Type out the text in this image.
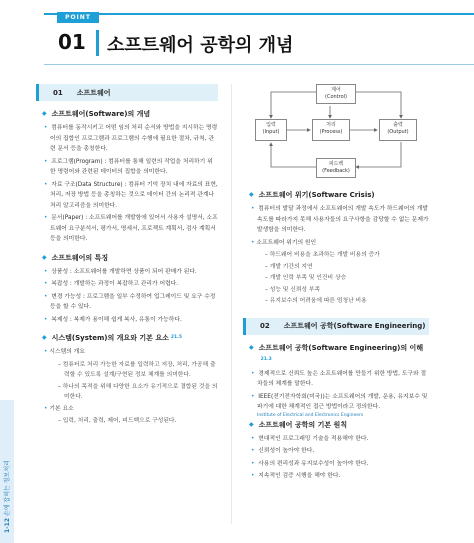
POINT
01 소프트웨어 공학의 개념
1-12 손에 잡히는 정보처리
01 소프트웨어
◆ 소프트웨어(Software)의 개념
• 컴퓨터를 동작시키고 어떤 임의 처리 순서와 방법을 지시하는 명령어의 집합인 프로그램과 프로그램의 수행에 필요한 절차, 규칙, 관련 문서 등을 총칭한다.
• 프로그램(Program) : 컴퓨터를 통해 일련의 작업을 처리하기 위한 명령어와 관련된 데이터의 집합을 의미한다.
• 자료 구조(Data Structure) : 컴퓨터 기억 장치 내에 자료의 표현, 처리, 저장 방법 등을 총칭하는 것으로 데이터 간의 논리적 관계나 처리 알고리즘을 의미한다.
• 문서(Paper) : 소프트웨어를 개발함에 있어서 사용자 설명서, 소프트웨어 요구분석서, 평가서, 명세서, 프로젝트 계획서, 검사 계획서 등을 의미한다.
◆ 소프트웨어의 특징
• 상품성 : 소프트웨어를 개발하면 상품이 되어 판매가 된다.
• 복잡성 : 개발하는 과정이 복잡하고 관리가 어렵다.
• 변경 가능성 : 프로그램을 일부 수정하여 업그레이드 및 요구 수정 등을 할 수 있다.
• 복제성 : 복제가 용이해 쉽게 복사, 유통이 가능하다.
◆ 시스템(System)의 개요와 기본 요소 21.5
• 시스템의 개요
– 컴퓨터로 처리 가능한 자료를 입력하고 저장, 처리, 가공해 출력할 수 있도록 설계/구현된 정보 체계를 의미한다.
– 하나의 목적을 위해 다양한 요소가 유기적으로 결합된 것을 의미한다.
• 기본 요소
– 입력, 처리, 출력, 제어, 피드백으로 구성된다.
제어
(Control)
입력
(Input)
처리
(Process)
출력
(Output)
피드백
(Feedback)
◆ 소프트웨어 위기(Software Crisis)
• 컴퓨터의 발달 과정에서 소프트웨어의 개발 속도가 하드웨어의 개발 속도를 따라가지 못해 사용자들의 요구사항을 감당할 수 없는 문제가 발생함을 의미한다.
• 소프트웨어 위기의 원인
– 하드웨어 비용을 초과하는 개발 비용의 증가
– 개발 기간의 지연
– 개발 인력 부족 및 인건비 상승
– 성능 및 신뢰성 부족
– 유지보수의 어려움에 따른 엄청난 비용
02 소프트웨어 공학(Software Engineering)
◆ 소프트웨어 공학(Software Engineering)의 이해21.3
• 경제적으로 신뢰도 높은 소프트웨어를 만들기 위한 방법, 도구와 절차들의 체계를 말한다.
• IEEE(전기전자학회(미국))는 소프트웨어의 개발, 운용, 유지보수 및 파기에 대한 체계적인 접근 방법이라고 정의한다.
Institute of Electrical and Electronics Engineers
◆ 소프트웨어 공학의 기본 원칙
• 현대적인 프로그래밍 기술을 적용해야 한다.
• 신뢰성이 높아야 한다.
• 사용의 편리성과 유지보수성이 높아야 한다.
• 지속적인 검증 시행을 해야 한다.
